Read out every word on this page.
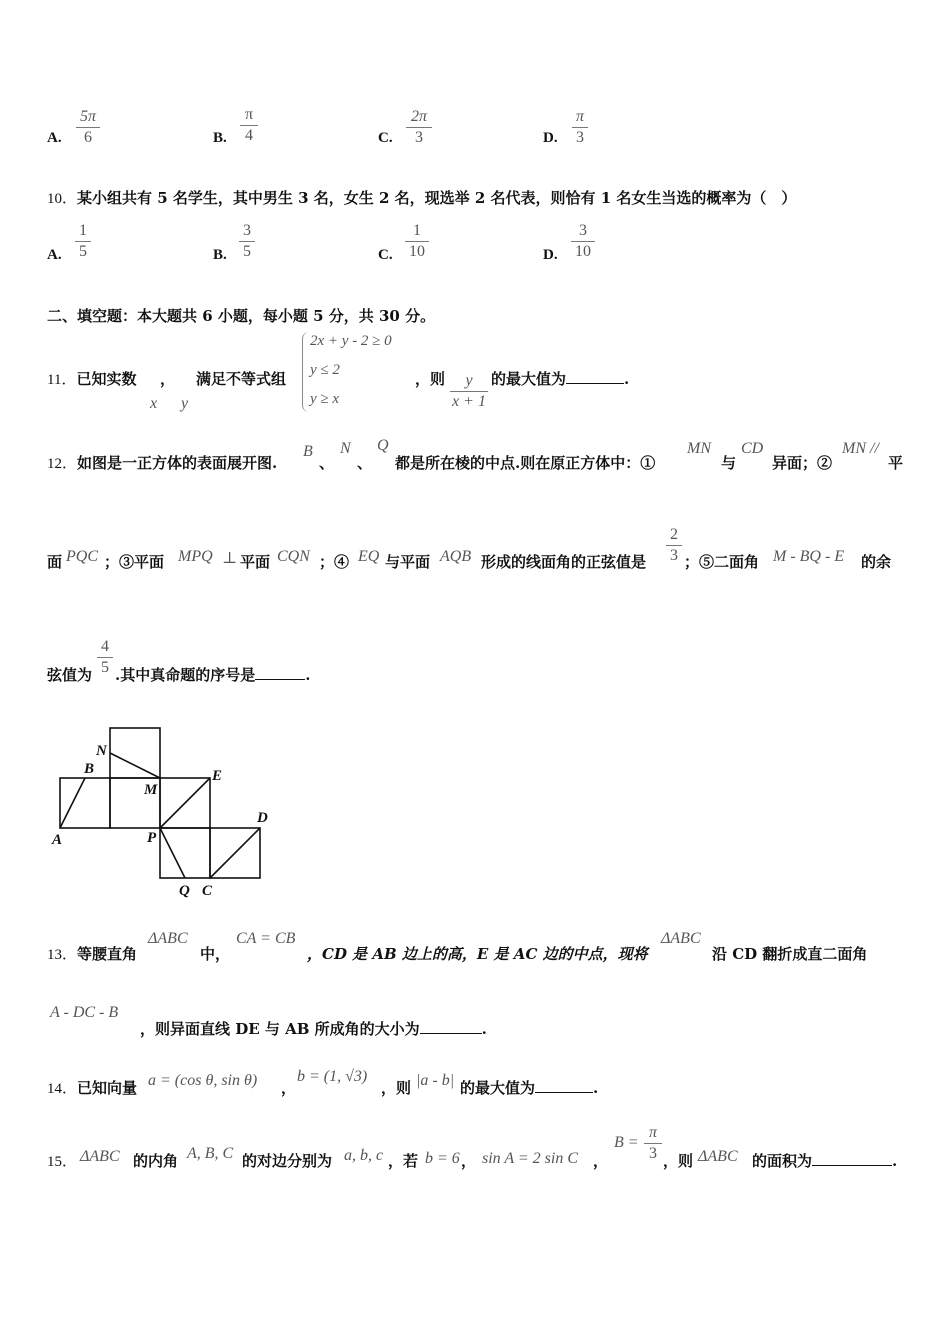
A. $\frac{5\pi}{6}$	B. $\frac{\pi}{4}$	C. $\frac{2\pi}{3}$	D. $\frac{\pi}{3}$
10．某小组共有 5 名学生，其中男生 3 名，女生 2 名，现选举 2 名代表，则恰有 1 名女生当选的概率为（　）
A. $\frac{1}{5}$	B. $\frac{3}{5}$	C. $\frac{1}{10}$	D. $\frac{3}{10}$
二、填空题：本大题共 6 小题，每小题 5 分，共 30 分。
11．已知实数 ， 满足不等式组
x y
2x + y - 2 ≥ 0
y ≤ 2
y ≥ x
，则 $\frac{y}{x + 1}$ 的最大值为	.
12．如图是一正方体的表面展开图.
B
、
N
、
Q
都是所在棱的中点.则在原正方体中：①
MN
与
CD
异面；②
MN //
平
面 PQC ；③平面 MPQ ⊥ 平面 CQN ；④ EQ 与平面 AQB 形成的线面角的正弦值是 $\frac{2}{3}$ ；⑤二面角 M - BQ - E 的余
弦值为 $\frac{4}{5}$ .其中真命题的序号是	.
A
B
N
M
E
D
P
Q C
13．等腰直角
ΔABC
中，
CA = CB
，CD 是 AB 边上的高，E 是 AC 边的中点，现将
ΔABC
沿 CD 翻折成直二面角
A - DC - B
，则异面直线 DE 与 AB 所成角的大小为	.
14．已知向量 a = (cos θ, sin θ) ，
b = (1, √3)
，则 |a - b| 的最大值为	.
15． ΔABC 的内角 A, B, C 的对边分别为 a, b, c ，若 b = 6 ， sin A = 2 sin C ，
$B = \frac{\pi}{3}$ ，则 ΔABC 的面积为	.
